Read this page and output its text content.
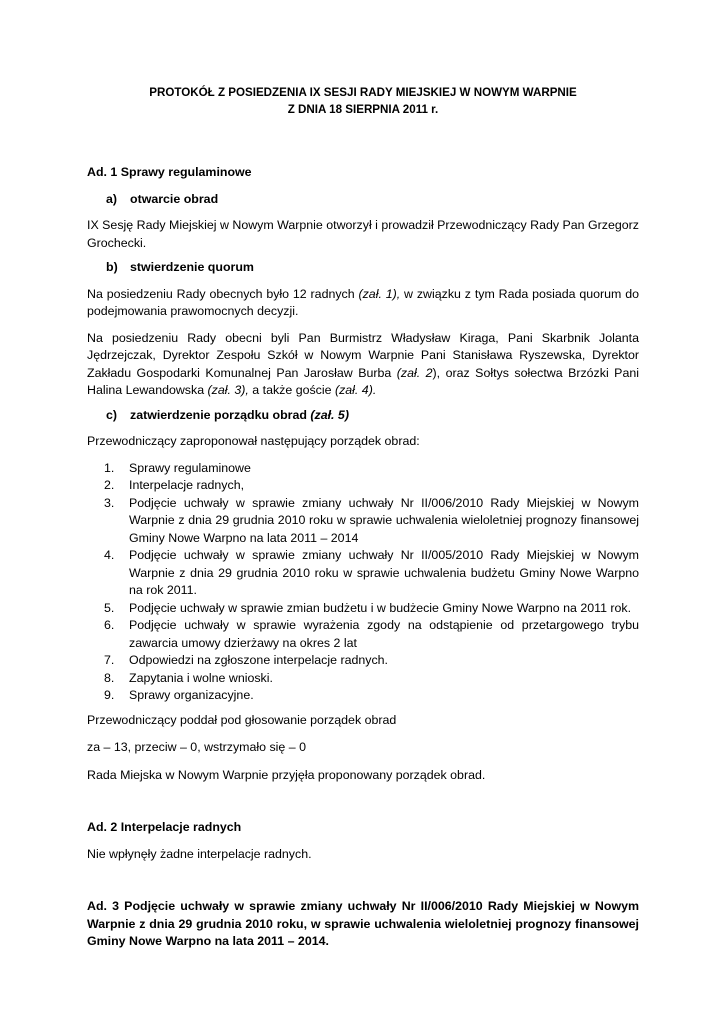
PROTOKÓŁ Z POSIEDZENIA IX SESJI RADY MIEJSKIEJ W NOWYM WARPNIE

Z DNIA 18 SIERPNIA 2011 r.

Ad. 1 Sprawy regulaminowe

a)	otwarcie obrad

IX Sesję Rady Miejskiej w Nowym Warpnie otworzył i prowadził Przewodniczący Rady Pan Grzegorz Grochecki.

b) stwierdzenie quorum

Na posiedzeniu Rady obecnych było 12 radnych (zał. 1), w związku z tym Rada posiada quorum do podejmowania prawomocnych decyzji.

Na posiedzeniu Rady obecni byli Pan Burmistrz Władysław Kiraga, Pani Skarbnik Jolanta Jędrzejczak, Dyrektor Zespołu Szkół w Nowym Warpnie Pani Stanisława Ryszewska, Dyrektor Zakładu Gospodarki Komunalnej Pan Jarosław Burba (zał. 2), oraz Sołtys sołectwa Brzózki Pani Halina Lewandowska (zał. 3), a także goście (zał. 4).

c)	zatwierdzenie porządku obrad (zał. 5)

Przewodniczący zaproponował następujący porządek obrad:

1.	Sprawy regulaminowe
2.	Interpelacje radnych,
3.	Podjęcie uchwały w sprawie zmiany uchwały Nr II/006/2010 Rady Miejskiej w Nowym Warpnie z dnia 29 grudnia 2010 roku w sprawie uchwalenia wieloletniej prognozy finansowej Gminy Nowe Warpno na lata 2011 – 2014
4.	Podjęcie uchwały w sprawie zmiany uchwały Nr II/005/2010 Rady Miejskiej w Nowym Warpnie z dnia 29 grudnia 2010 roku w sprawie uchwalenia budżetu Gminy Nowe Warpno na rok 2011.
5.	Podjęcie uchwały w sprawie zmian budżetu i w budżecie Gminy Nowe Warpno na 2011 rok.
6.	Podjęcie uchwały w sprawie wyrażenia zgody na odstąpienie od przetargowego trybu zawarcia umowy dzierżawy na okres 2 lat
7.	Odpowiedzi na zgłoszone interpelacje radnych.
8.	Zapytania i wolne wnioski.
9.	Sprawy organizacyjne.

Przewodniczący poddał pod głosowanie porządek obrad

za – 13, przeciw – 0, wstrzymało się – 0

Rada Miejska w Nowym Warpnie przyjęła proponowany porządek obrad.

Ad. 2 Interpelacje radnych

Nie wpłynęły żadne interpelacje radnych.

Ad. 3 Podjęcie uchwały w sprawie zmiany uchwały Nr II/006/2010 Rady Miejskiej w Nowym Warpnie z dnia 29 grudnia 2010 roku, w sprawie uchwalenia wieloletniej prognozy finansowej Gminy Nowe Warpno na lata 2011 – 2014.
